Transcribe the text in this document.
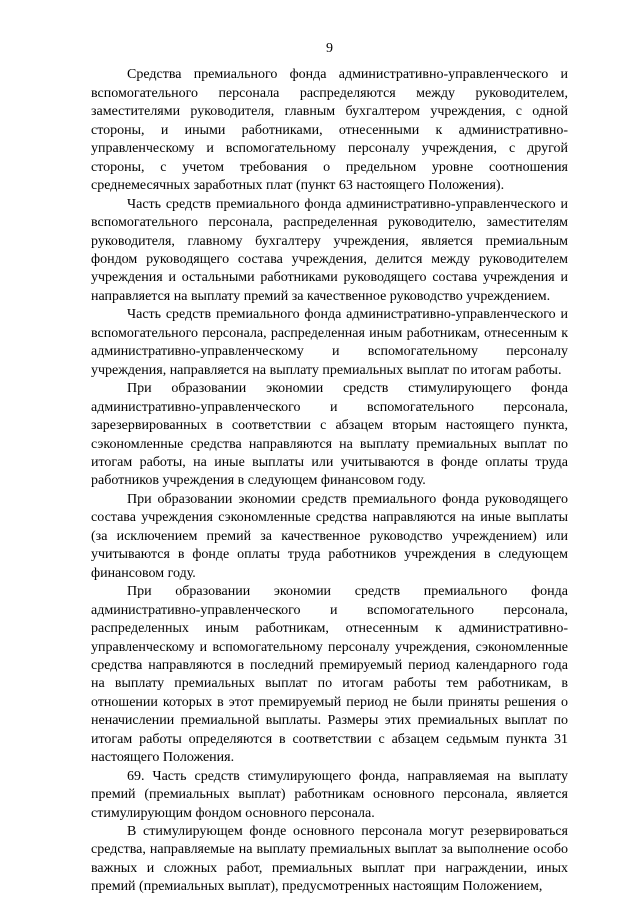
9

Средства премиального фонда административно-управленческого и вспомогательного персонала распределяются между руководителем, заместителями руководителя, главным бухгалтером учреждения, с одной стороны, и иными работниками, отнесенными к административно-управленческому и вспомогательному персоналу учреждения, с другой стороны, с учетом требования о предельном уровне соотношения среднемесячных заработных плат (пункт 63 настоящего Положения).

Часть средств премиального фонда административно-управленческого и вспомогательного персонала, распределенная руководителю, заместителям руководителя, главному бухгалтеру учреждения, является премиальным фондом руководящего состава учреждения, делится между руководителем учреждения и остальными работниками руководящего состава учреждения и направляется на выплату премий за качественное руководство учреждением.

Часть средств премиального фонда административно-управленческого и вспомогательного персонала, распределенная иным работникам, отнесенным к административно-управленческому и вспомогательному персоналу учреждения, направляется на выплату премиальных выплат по итогам работы.

При образовании экономии средств стимулирующего фонда административно-управленческого и вспомогательного персонала, зарезервированных в соответствии с абзацем вторым настоящего пункта, сэкономленные средства направляются на выплату премиальных выплат по итогам работы, на иные выплаты или учитываются в фонде оплаты труда работников учреждения в следующем финансовом году.

При образовании экономии средств премиального фонда руководящего состава учреждения сэкономленные средства направляются на иные выплаты (за исключением премий за качественное руководство учреждением) или учитываются в фонде оплаты труда работников учреждения в следующем финансовом году.

При образовании экономии средств премиального фонда административно-управленческого и вспомогательного персонала, распределенных иным работникам, отнесенным к административно-управленческому и вспомогательному персоналу учреждения, сэкономленные средства направляются в последний премируемый период календарного года на выплату премиальных выплат по итогам работы тем работникам, в отношении которых в этот премируемый период не были приняты решения о неначислении премиальной выплаты. Размеры этих премиальных выплат по итогам работы определяются в соответствии с абзацем седьмым пункта 31 настоящего Положения.

69. Часть средств стимулирующего фонда, направляемая на выплату премий (премиальных выплат) работникам основного персонала, является стимулирующим фондом основного персонала.

В стимулирующем фонде основного персонала могут резервироваться средства, направляемые на выплату премиальных выплат за выполнение особо важных и сложных работ, премиальных выплат при награждении, иных премий (премиальных выплат), предусмотренных настоящим Положением,
